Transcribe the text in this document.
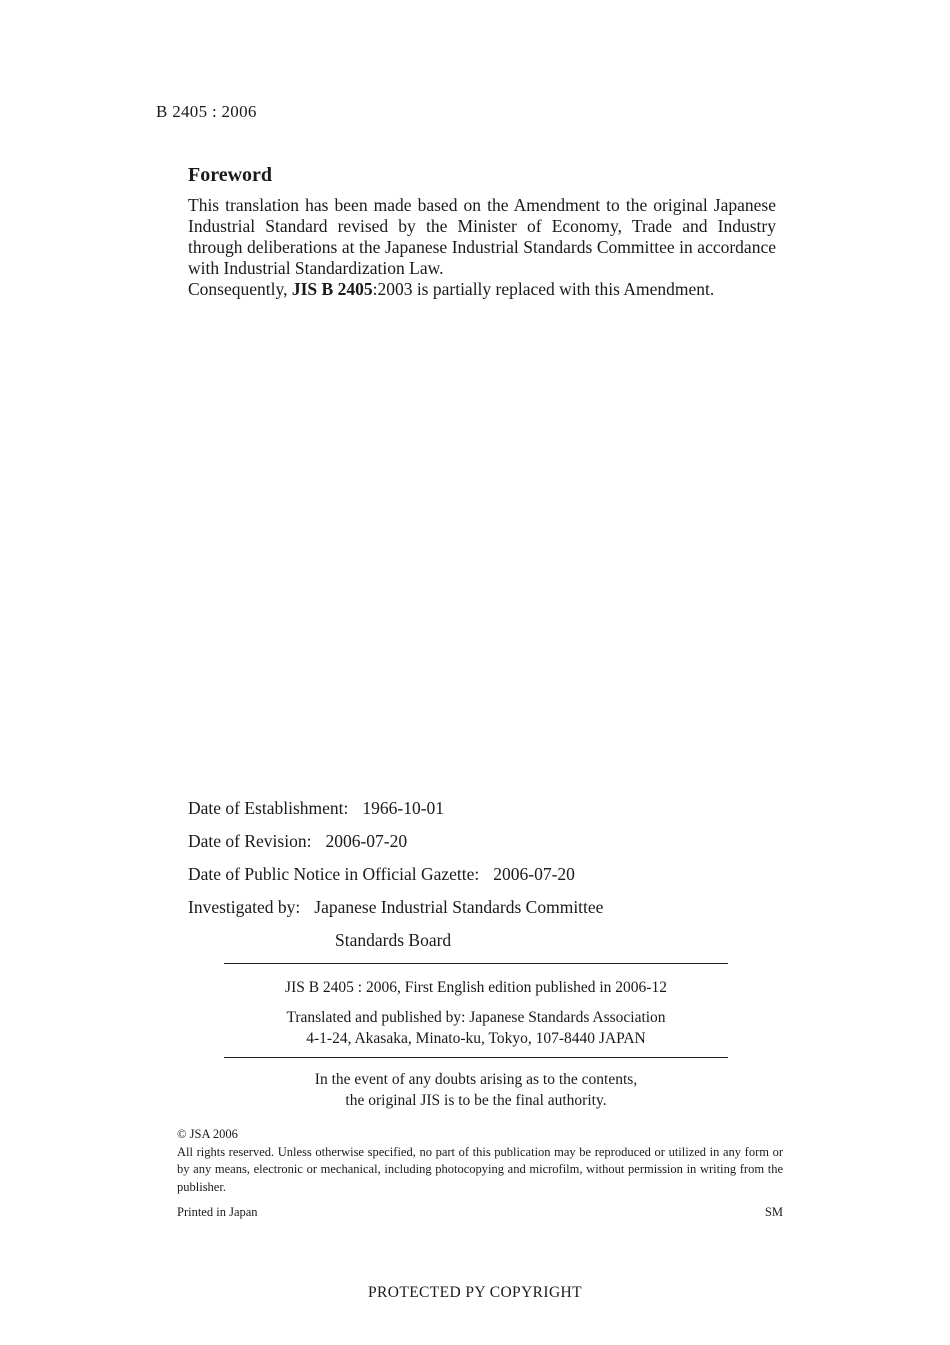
B 2405 : 2006
Foreword

This translation has been made based on the Amendment to the original Japanese Industrial Standard revised by the Minister of Economy, Trade and Industry through deliberations at the Japanese Industrial Standards Committee in accordance with Industrial Standardization Law.

Consequently, JIS B 2405:2003 is partially replaced with this Amendment.

Date of Establishment: 1966-10-01
Date of Revision: 2006-07-20
Date of Public Notice in Official Gazette: 2006-07-20
Investigated by: Japanese Industrial Standards Committee
Standards Board
JIS B 2405 : 2006, First English edition published in 2006-12
Translated and published by: Japanese Standards Association
4-1-24, Akasaka, Minato-ku, Tokyo, 107-8440 JAPAN
In the event of any doubts arising as to the contents,
the original JIS is to be the final authority.
© JSA 2006
All rights reserved. Unless otherwise specified, no part of this publication may be reproduced or utilized in any form or by any means, electronic or mechanical, including photocopying and microfilm, without permission in writing from the publisher.
Printed in Japan	SM
PROTECTED PY COPYRIGHT
